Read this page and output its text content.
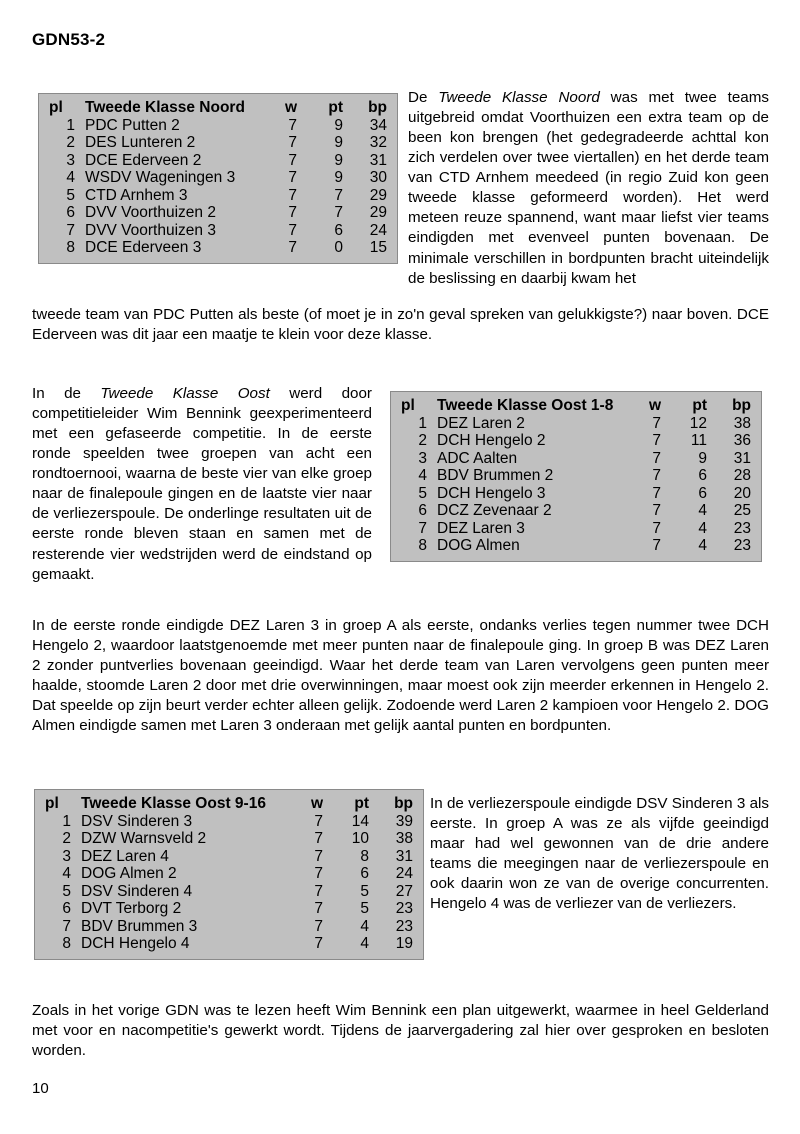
GDN53-2
pl	Tweede Klasse Noord	w	pt	bp
1	PDC Putten 2	7	9	34
2	DES Lunteren 2	7	9	32
3	DCE Ederveen 2	7	9	31
4	WSDV Wageningen 3	7	9	30
5	CTD Arnhem 3	7	7	29
6	DVV Voorthuizen 2	7	7	29
7	DVV Voorthuizen 3	7	6	24
8	DCE Ederveen 3	7	0	15
De Tweede Klasse Noord was met twee teams uitgebreid omdat Voorthuizen een extra team op de been kon brengen (het gedegradeerde achttal kon zich verdelen over twee viertallen) en het derde team van CTD Arnhem meedeed (in regio Zuid kon geen tweede klasse geformeerd worden). Het werd meteen reuze spannend, want maar liefst vier teams eindigden met evenveel punten bovenaan. De minimale verschillen in bordpunten bracht uiteindelijk de beslissing en daarbij kwam het
tweede team van PDC Putten als beste (of moet je in zo'n geval spreken van gelukkigste?) naar boven. DCE Ederveen was dit jaar een maatje te klein voor deze klasse.
In de Tweede Klasse Oost werd door competitieleider Wim Bennink geexperimenteerd met een gefaseerde competitie. In de eerste ronde speelden twee groepen van acht een rondtoernooi, waarna de beste vier van elke groep naar de finalepoule gingen en de laatste vier naar de verliezerspoule. De onderlinge resultaten uit de eerste ronde bleven staan en samen met de resterende vier wedstrijden werd de eindstand op gemaakt.
pl	Tweede Klasse Oost 1-8	w	pt	bp
1	DEZ Laren 2	7	12	38
2	DCH Hengelo 2	7	11	36
3	ADC Aalten	7	9	31
4	BDV Brummen 2	7	6	28
5	DCH Hengelo 3	7	6	20
6	DCZ Zevenaar 2	7	4	25
7	DEZ Laren 3	7	4	23
8	DOG Almen	7	4	23
In de eerste ronde eindigde DEZ Laren 3 in groep A als eerste, ondanks verlies tegen nummer twee DCH Hengelo 2, waardoor laatstgenoemde met meer punten naar de finalepoule ging. In groep B was DEZ Laren 2 zonder puntverlies bovenaan geeindigd. Waar het derde team van Laren vervolgens geen punten meer haalde, stoomde Laren 2 door met drie overwinningen, maar moest ook zijn meerder erkennen in Hengelo 2. Dat speelde op zijn beurt verder echter alleen gelijk. Zodoende werd Laren 2 kampioen voor Hengelo 2. DOG Almen eindigde samen met Laren 3 onderaan met gelijk aantal punten en bordpunten.
pl	Tweede Klasse Oost 9-16	w	pt	bp
1	DSV Sinderen 3	7	14	39
2	DZW Warnsveld 2	7	10	38
3	DEZ Laren 4	7	8	31
4	DOG Almen 2	7	6	24
5	DSV Sinderen 4	7	5	27
6	DVT Terborg 2	7	5	23
7	BDV Brummen 3	7	4	23
8	DCH Hengelo 4	7	4	19
In de verliezerspoule eindigde DSV Sinderen 3 als eerste. In groep A was ze als vijfde geeindigd maar had wel gewonnen van de drie andere teams die meegingen naar de verliezerspoule en ook daarin won ze van de overige concurrenten. Hengelo 4 was de verliezer van de verliezers.
Zoals in het vorige GDN was te lezen heeft Wim Bennink een plan uitgewerkt, waarmee in heel Gelderland met voor en nacompetitie's gewerkt wordt. Tijdens de jaarvergadering zal hier over gesproken en besloten worden.
10
